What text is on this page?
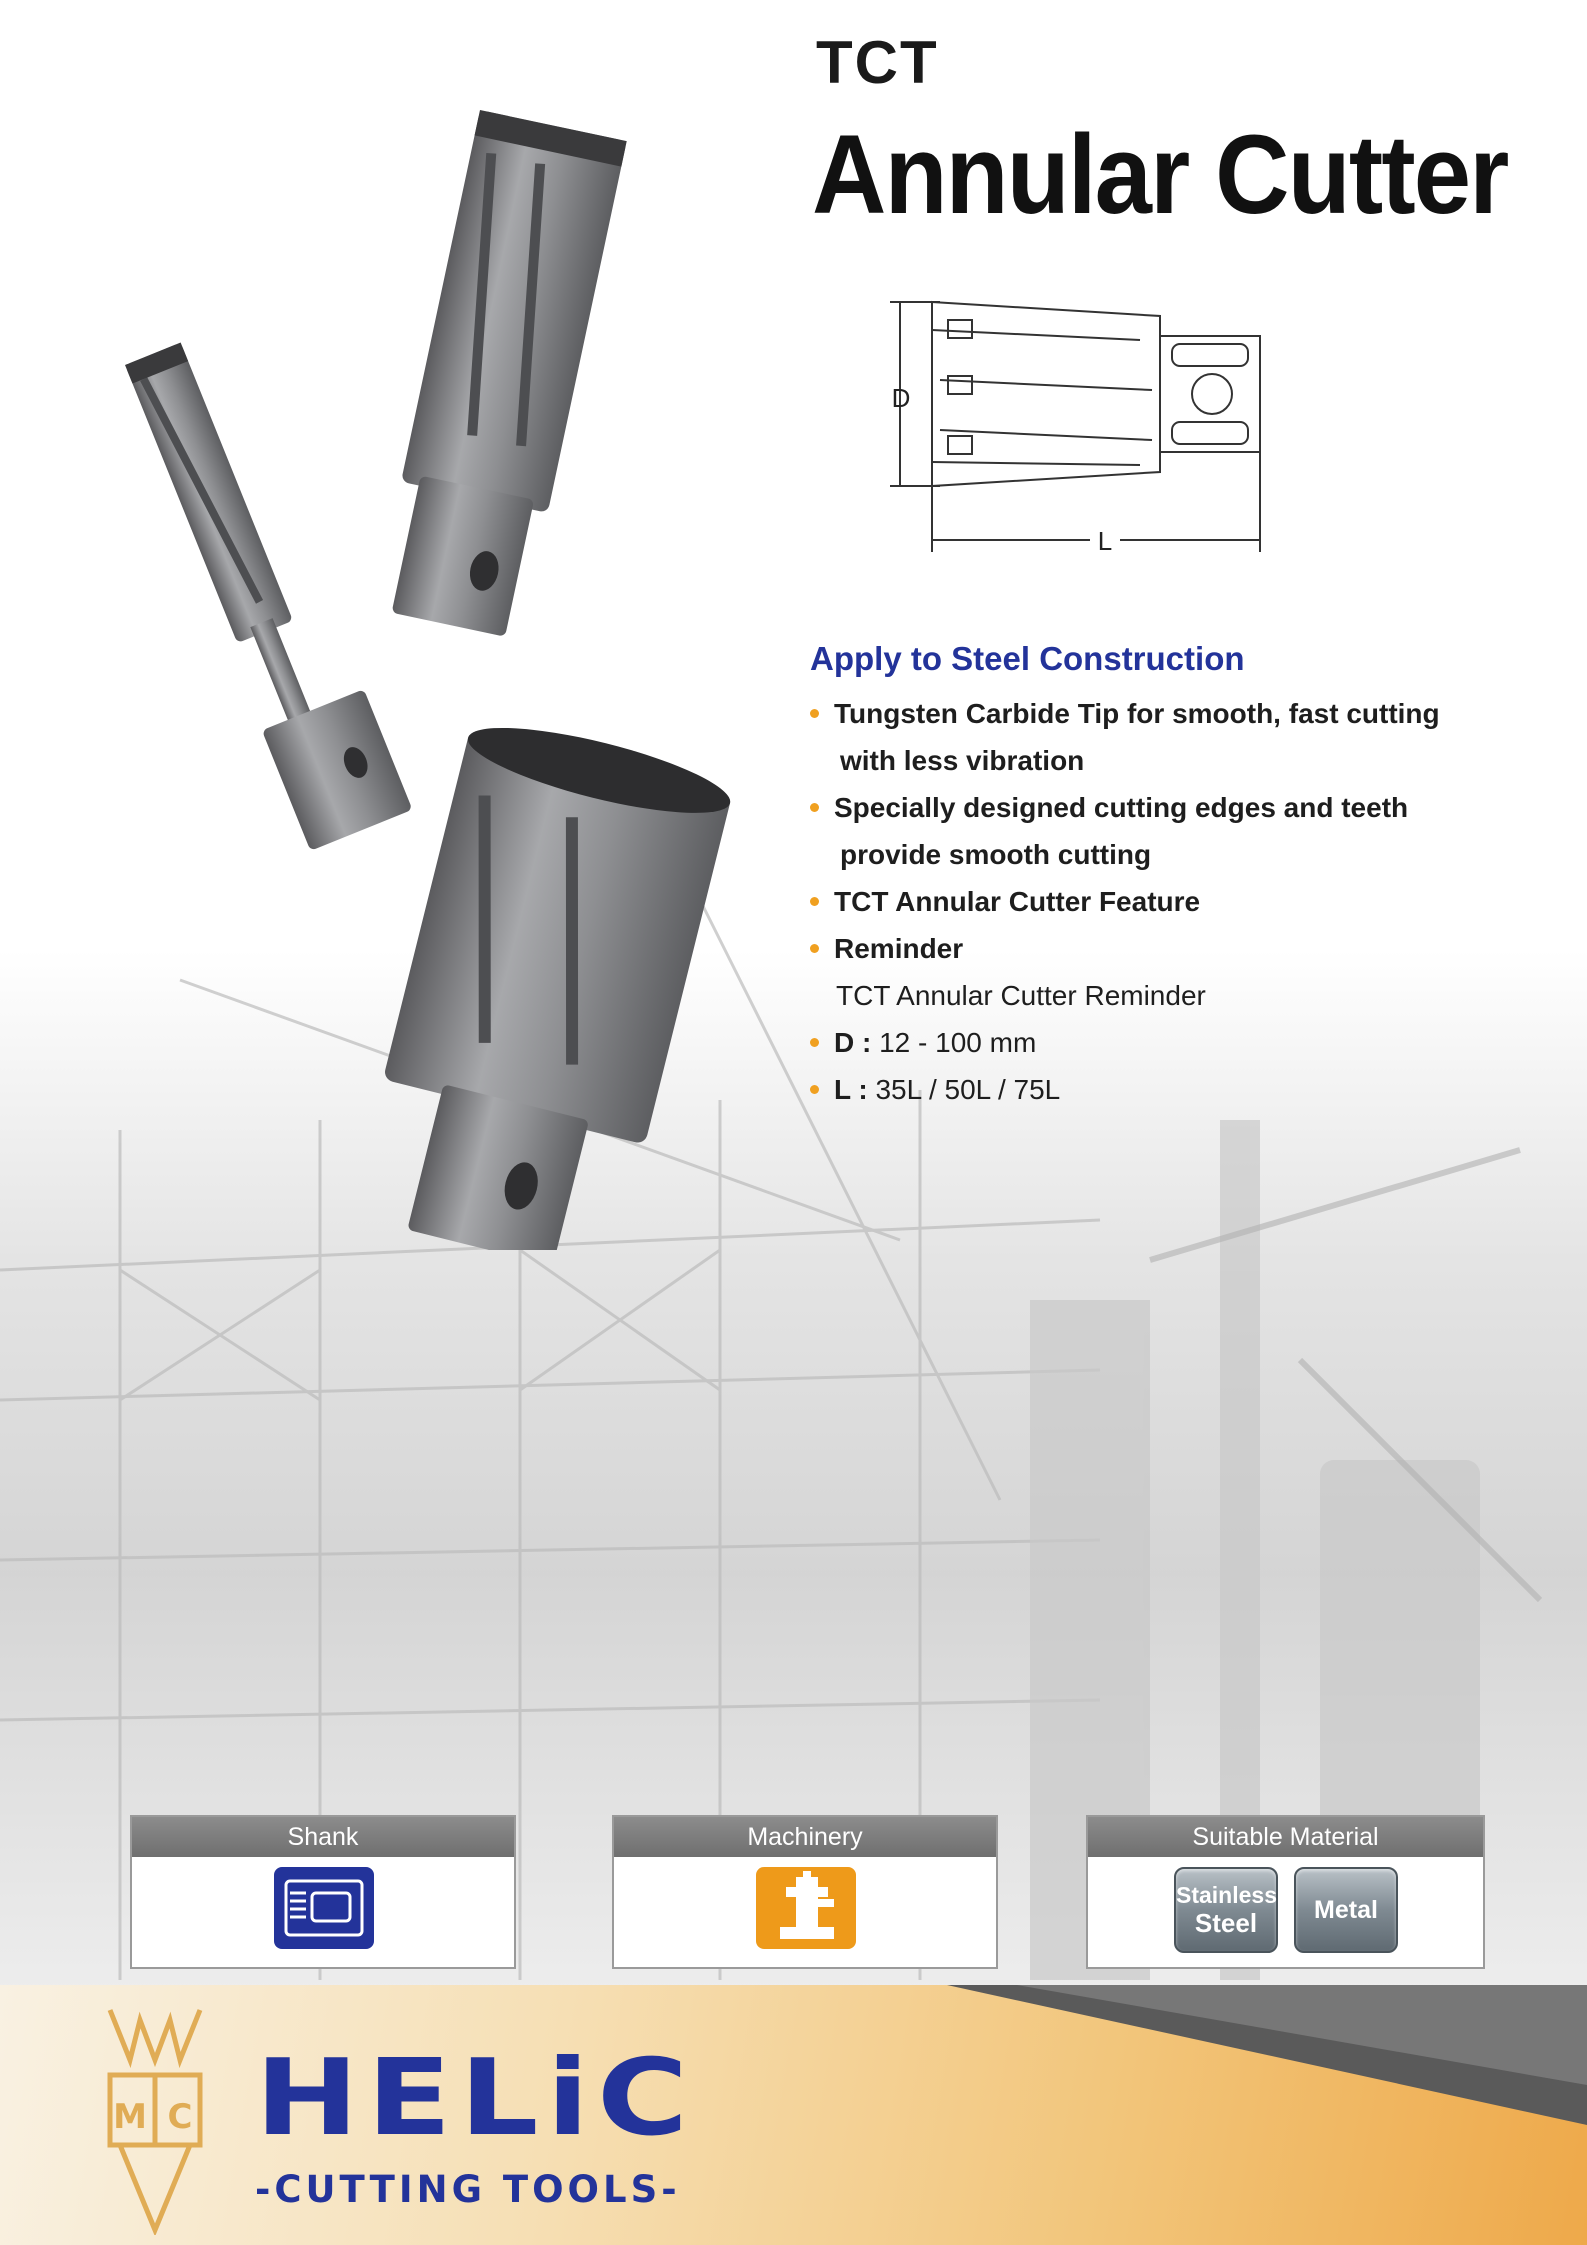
TCT
Annular Cutter
D
L
Apply to Steel Construction
Tungsten Carbide Tip for smooth, fast cutting
with less vibration
Specially designed cutting edges and teeth
provide smooth cutting
TCT Annular Cutter Feature
Reminder
TCT Annular Cutter Reminder
D : 12 - 100 mm
L : 35L / 50L / 75L
Shank	Machinery	Suitable Material
Stainless
Steel	Metal
M C HELiC
-CUTTING TOOLS-
